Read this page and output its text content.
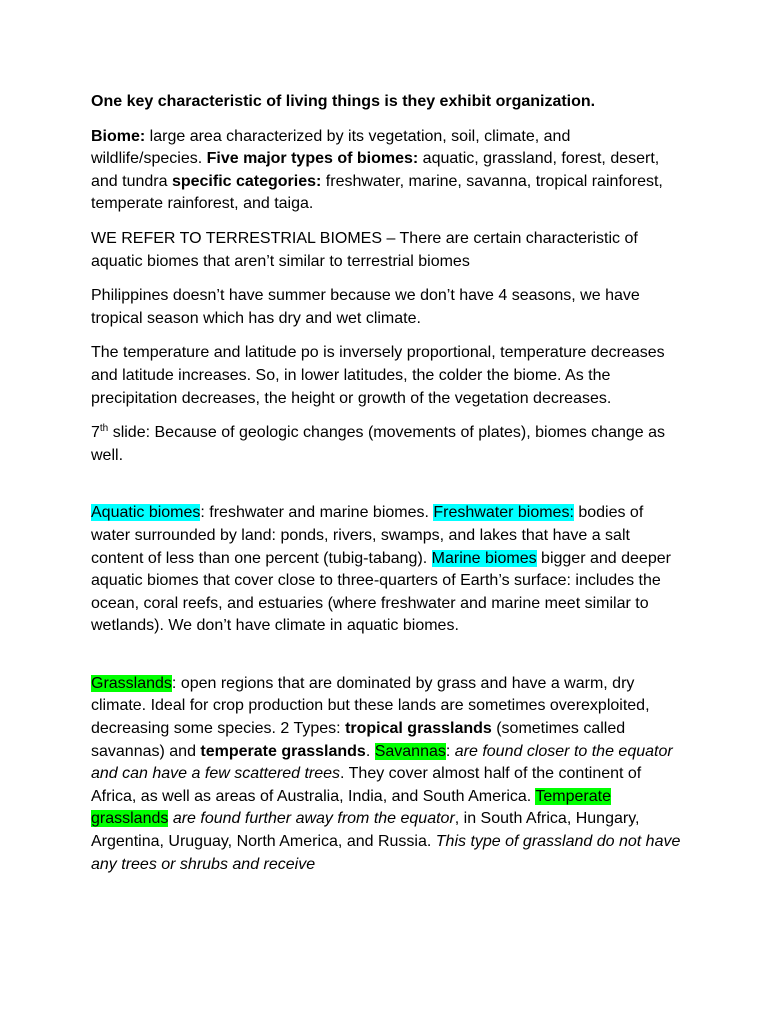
One key characteristic of living things is they exhibit organization.

Biome: large area characterized by its vegetation, soil, climate, and wildlife/species. Five major types of biomes: aquatic, grassland, forest, desert, and tundra specific categories: freshwater, marine, savanna, tropical rainforest, temperate rainforest, and taiga.

WE REFER TO TERRESTRIAL BIOMES – There are certain characteristic of aquatic biomes that aren’t similar to terrestrial biomes

Philippines doesn’t have summer because we don’t have 4 seasons, we have tropical season which has dry and wet climate.

The temperature and latitude po is inversely proportional, temperature decreases and latitude increases. So, in lower latitudes, the colder the biome. As the precipitation decreases, the height or growth of the vegetation decreases.

7th slide: Because of geologic changes (movements of plates), biomes change as well.

Aquatic biomes: freshwater and marine biomes. Freshwater biomes: bodies of water surrounded by land: ponds, rivers, swamps, and lakes that have a salt content of less than one percent (tubig-tabang). Marine biomes bigger and deeper aquatic biomes that cover close to three-quarters of Earth’s surface: includes the ocean, coral reefs, and estuaries (where freshwater and marine meet similar to wetlands). We don’t have climate in aquatic biomes.

Grasslands: open regions that are dominated by grass and have a warm, dry climate. Ideal for crop production but these lands are sometimes overexploited, decreasing some species. 2 Types: tropical grasslands (sometimes called savannas) and temperate grasslands. Savannas: are found closer to the equator and can have a few scattered trees. They cover almost half of the continent of Africa, as well as areas of Australia, India, and South America. Temperate grasslands are found further away from the equator, in South Africa, Hungary, Argentina, Uruguay, North America, and Russia. This type of grassland do not have any trees or shrubs and receive
